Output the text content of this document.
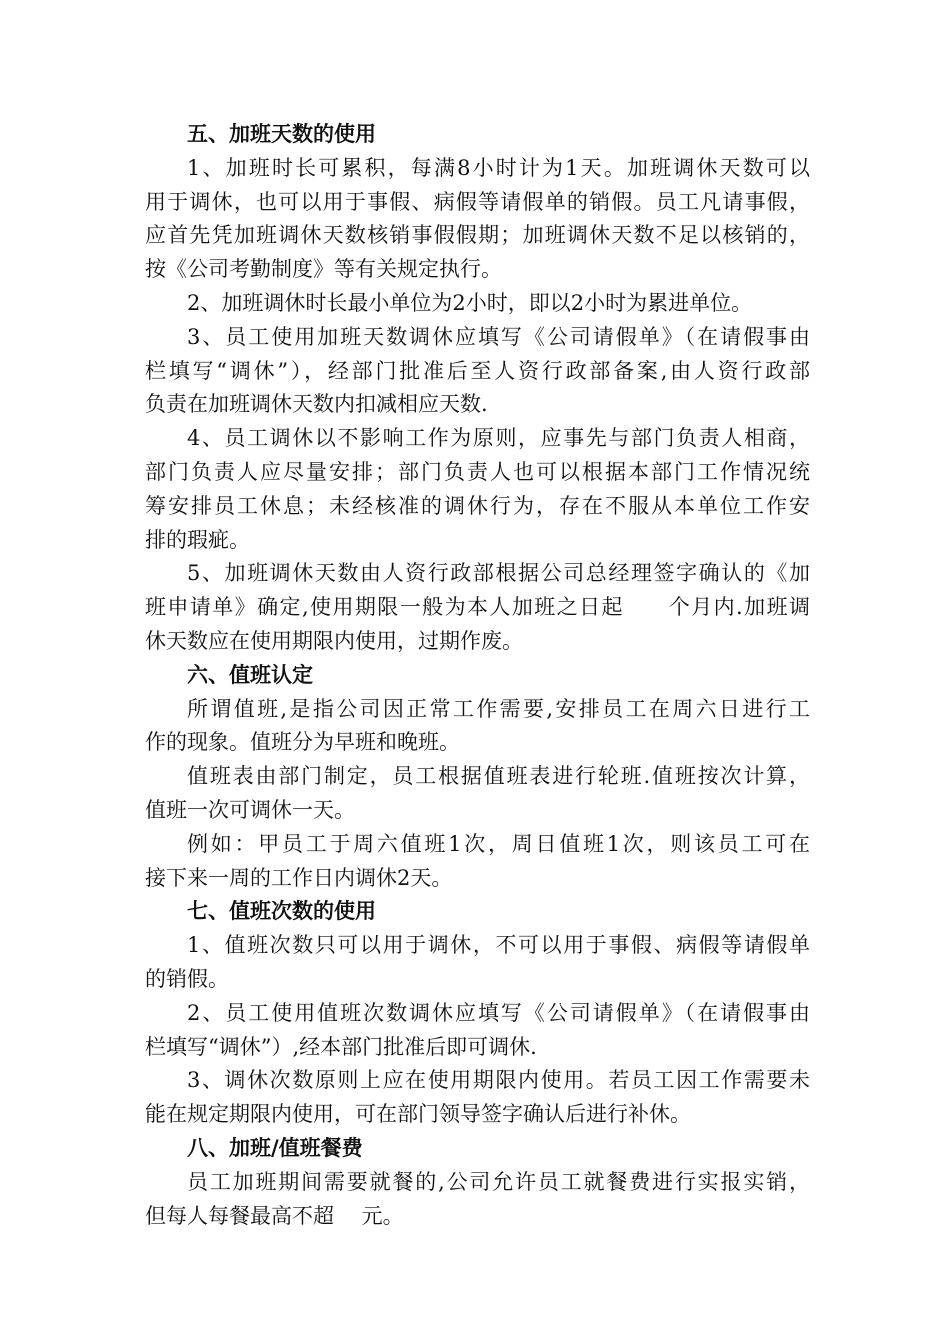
五、加班天数的使用
1、加班时长可累积，每满8小时计为1天。加班调休天数可以
用于调休，也可以用于事假、病假等请假单的销假。员工凡请事假，
应首先凭加班调休天数核销事假假期；加班调休天数不足以核销的，
按《公司考勤制度》等有关规定执行。
2、加班调休时长最小单位为2小时，即以2小时为累进单位。
3、员工使用加班天数调休应填写《公司请假单》（在请假事由
栏填写“调休”），经部门批准后至人资行政部备案,由人资行政部
负责在加班调休天数内扣减相应天数.
4、员工调休以不影响工作为原则，应事先与部门负责人相商，
部门负责人应尽量安排；部门负责人也可以根据本部门工作情况统
筹安排员工休息；未经核准的调休行为，存在不服从本单位工作安
排的瑕疵。
5、加班调休天数由人资行政部根据公司总经理签字确认的《加
班申请单》确定,使用期限一般为本人加班之日起　　个月内.加班调
休天数应在使用期限内使用，过期作废。
六、值班认定
所谓值班,是指公司因正常工作需要,安排员工在周六日进行工
作的现象。值班分为早班和晚班。
值班表由部门制定，员工根据值班表进行轮班.值班按次计算，
值班一次可调休一天。
例如：甲员工于周六值班1次，周日值班1次，则该员工可在
接下来一周的工作日内调休2天。
七、值班次数的使用
1、值班次数只可以用于调休，不可以用于事假、病假等请假单
的销假。
2、员工使用值班次数调休应填写《公司请假单》（在请假事由
栏填写“调休”）,经本部门批准后即可调休.
3、调休次数原则上应在使用期限内使用。若员工因工作需要未
能在规定期限内使用，可在部门领导签字确认后进行补休。
八、加班/值班餐费
员工加班期间需要就餐的,公司允许员工就餐费进行实报实销，
但每人每餐最高不超　 元。
